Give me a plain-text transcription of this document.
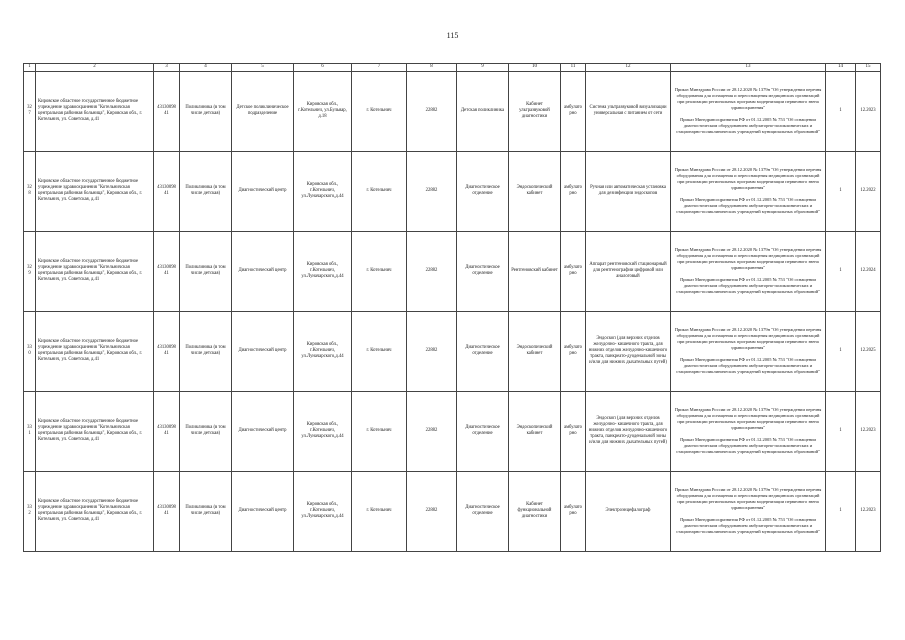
115
1	2	3	4	5	6	7	8	9	10	11	12	13	14	15
327	Кировское областное государственное бюджетное учреждение здравоохранения "Котельничская центральная районная больница", Кировская обл., г. Котельнич, ул. Советская, д.41	4313009841	Поликлиника (в том числе детская)	Детское поликлиническое подразделение	Кировская обл., г.Котельнич, ул.Бульвар, д.18	г. Котельнич	22882	Детская поликлиника	Кабинет ультразвуковой диагностики	амбулаторно	Система ультразвуковой визуализации универсальная с питанием от сети	Приказ Минздрава России от 28.12.2020 № 1379н "Об утверждении перечня оборудования для оснащения и переоснащения медицинских организаций при реализации региональных программ модернизации первичного звена здравоохранения"

Приказ Минздравсоцразвития РФ от 01.12.2005 № 753 "Об оснащении диагностическим оборудованием амбулаторно-поликлинических и стационарно-поликлинических учреждений муниципальных образований"	1	12.2023
328	Кировское областное государственное бюджетное учреждение здравоохранения "Котельничская центральная районная больница", Кировская обл., г. Котельнич, ул. Советская, д.41	4313009841	Поликлиника (в том числе детская)	Диагностический центр	Кировская обл., г.Котельнич, ул.Луначарского,д.44	г. Котельнич	22882	Диагностическое отделение	Эндоскопический кабинет	амбулаторно	Ручная или автоматическая установка для дезинфекции эндоскопов	Приказ Минздрава России от 28.12.2020 № 1379н "Об утверждении перечня оборудования для оснащения и переоснащения медицинских организаций при реализации региональных программ модернизации первичного звена здравоохранения"

Приказ Минздравсоцразвития РФ от 01.12.2005 № 753 "Об оснащении диагностическим оборудованием амбулаторно-поликлинических и стационарно-поликлинических учреждений муниципальных образований"	1	12.2022
329	Кировское областное государственное бюджетное учреждение здравоохранения "Котельничская центральная районная больница", Кировская обл., г. Котельнич, ул. Советская, д.41	4313009841	Поликлиника (в том числе детская)	Диагностический центр	Кировская обл., г.Котельнич, ул.Луначарского,д.44	г. Котельнич	22882	Диагностическое отделение	Рентгеновский кабинет	амбулаторно	Аппарат рентгеновский стационарный для рентгенографии цифровой или аналоговый	Приказ Минздрава России от 28.12.2020 № 1379н "Об утверждении перечня оборудования для оснащения и переоснащения медицинских организаций при реализации региональных программ модернизации первичного звена здравоохранения"

Приказ Минздравсоцразвития РФ от 01.12.2005 № 753 "Об оснащении диагностическим оборудованием амбулаторно-поликлинических и стационарно-поликлинических учреждений муниципальных образований"	1	12.2024
330	Кировское областное государственное бюджетное учреждение здравоохранения "Котельничская центральная районная больница", Кировская обл., г. Котельнич, ул. Советская, д.41	4313009841	Поликлиника (в том числе детская)	Диагностический центр	Кировская обл., г.Котельнич, ул.Луначарского,д.44	г. Котельнич	22882	Диагностическое отделение	Эндоскопический кабинет	амбулаторно	Эндоскоп (для верхних отделов желудочно- кишечного тракта, для нижних отделов желудочно-кишечного тракта, панкреато-дуоденальной зоны и/или для нижних дыхательных путей)	Приказ Минздрава России от 28.12.2020 № 1379н "Об утверждении перечня оборудования для оснащения и переоснащения медицинских организаций при реализации региональных программ модернизации первичного звена здравоохранения"

Приказ Минздравсоцразвития РФ от 01.12.2005 № 753 "Об оснащении диагностическим оборудованием амбулаторно-поликлинических и стационарно-поликлинических учреждений муниципальных образований"	1	12.2025
331	Кировское областное государственное бюджетное учреждение здравоохранения "Котельничская центральная районная больница", Кировская обл., г. Котельнич, ул. Советская, д.41	4313009841	Поликлиника (в том числе детская)	Диагностический центр	Кировская обл., г.Котельнич, ул.Луначарского,д.44	г. Котельнич	22882	Диагностическое отделение	Эндоскопический кабинет	амбулаторно	Эндоскоп (для верхних отделов желудочно- кишечного тракта, для нижних отделов желудочно-кишечного тракта, панкреато-дуоденальной зоны и/или для нижних дыхательных путей)	Приказ Минздрава России от 28.12.2020 № 1379н "Об утверждении перечня оборудования для оснащения и переоснащения медицинских организаций при реализации региональных программ модернизации первичного звена здравоохранения"

Приказ Минздравсоцразвития РФ от 01.12.2005 № 753 "Об оснащении диагностическим оборудованием амбулаторно-поликлинических и стационарно-поликлинических учреждений муниципальных образований"	1	12.2023
332	Кировское областное государственное бюджетное учреждение здравоохранения "Котельничская центральная районная больница", Кировская обл., г. Котельнич, ул. Советская, д.41	4313009841	Поликлиника (в том числе детская)	Диагностический центр	Кировская обл., г.Котельнич, ул.Луначарского,д.44	г. Котельнич	22882	Диагностическое отделение	Кабинет функциональной диагностики	амбулаторно	Электроэнцефалограф	Приказ Минздрава России от 28.12.2020 № 1379н "Об утверждении перечня оборудования для оснащения и переоснащения медицинских организаций при реализации региональных программ модернизации первичного звена здравоохранения"

Приказ Минздравсоцразвития РФ от 01.12.2005 № 753 "Об оснащении диагностическим оборудованием амбулаторно-поликлинических и стационарно-поликлинических учреждений муниципальных образований"	1	12.2023
